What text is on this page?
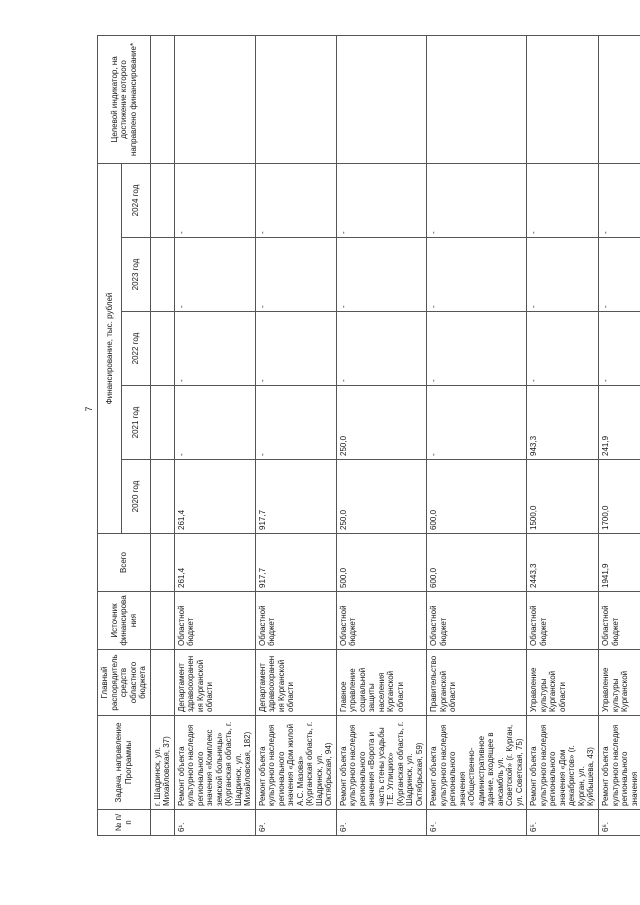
7
№ п/п	Задача, направление Программы	Главный распорядитель средств областного бюджета	Источник финансирования	Всего	Финансирование, тыс. рублей					Целевой индикатор, на достижение которого направлено финансирование*
					2020 год	2021 год	2022 год	2023 год	2024 год	
	г. Шадринск, ул. Михайловская, 37)									
6¹.	Ремонт объекта культурного наследия регионального значения «Комплекс земской больницы» (Курганская область, г. Шадринск, ул. Михайловская, 182)	Департамент здравоохранения Курганской области	Областной бюджет	261,4	261,4	-	-	-	-	
6².	Ремонт объекта культурного наследия регионального значения «Дом жилой А.С. Мазова» (Курганская область, г. Шадринск, ул. Октябрьская, 94)	Департамент здравоохранения Курганской области	Областной бюджет	917,7	917,7	-	-	-	-	
6³.	Ремонт объекта культурного наследия регионального значения «Ворота и часть стены усадьбы Т.Е. Углицких» (Курганская область, г. Шадринск, ул. Октябрьская, 59)	Главное управление социальной защиты населения Курганской области	Областной бюджет	500,0	250,0	250,0	-	-	-	
6⁴.	Ремонт объекта культурного наследия регионального значения «Общественно-административное здание, входящее в ансамбль ул. Советской» (г. Курган, ул. Советская, 75)	Правительство Курганской области	Областной бюджет	600,0	600,0	-	-	-	-	
6⁵.	Ремонт объекта культурного наследия регионального значения «Дом декабристов» (г. Курган, ул. Куйбышева, 43)	Управление культуры Курганской области	Областной бюджет	2443,3	1500,0	943,3	-	-	-	
6⁶.	Ремонт объекта культурного наследия регионального значения	Управление культуры Курганской	Областной бюджет	1941,9	1700,0	241,9	-	-	-	
